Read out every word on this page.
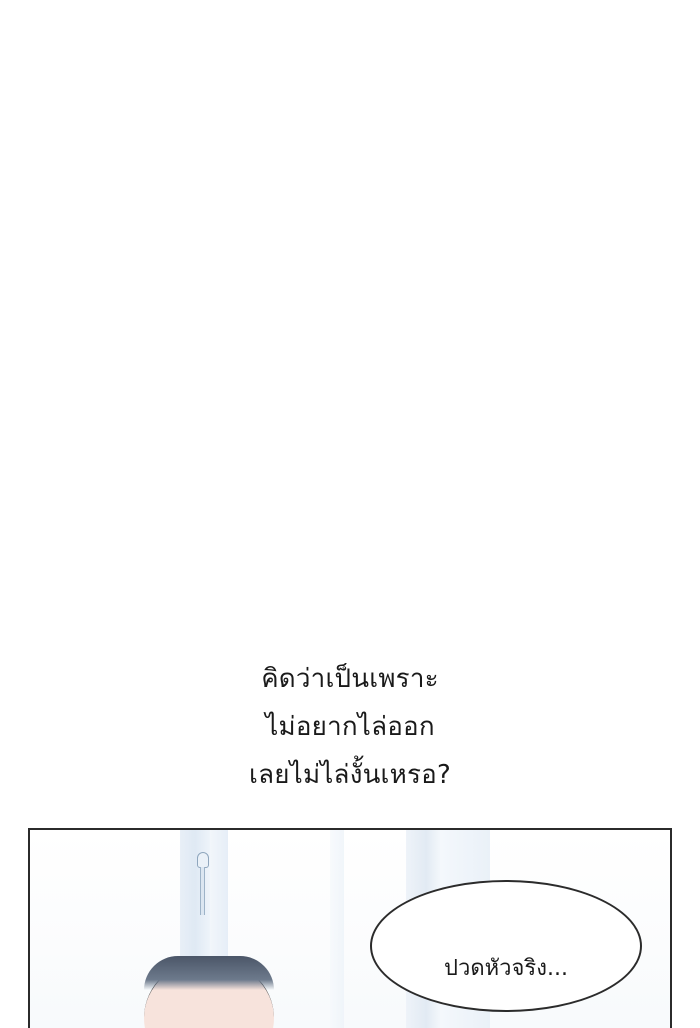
คิดว่าเป็นเพราะ
ไม่อยากไล่ออก
เลยไม่ไล่งั้นเหรอ?
ปวดหัวจริง...
